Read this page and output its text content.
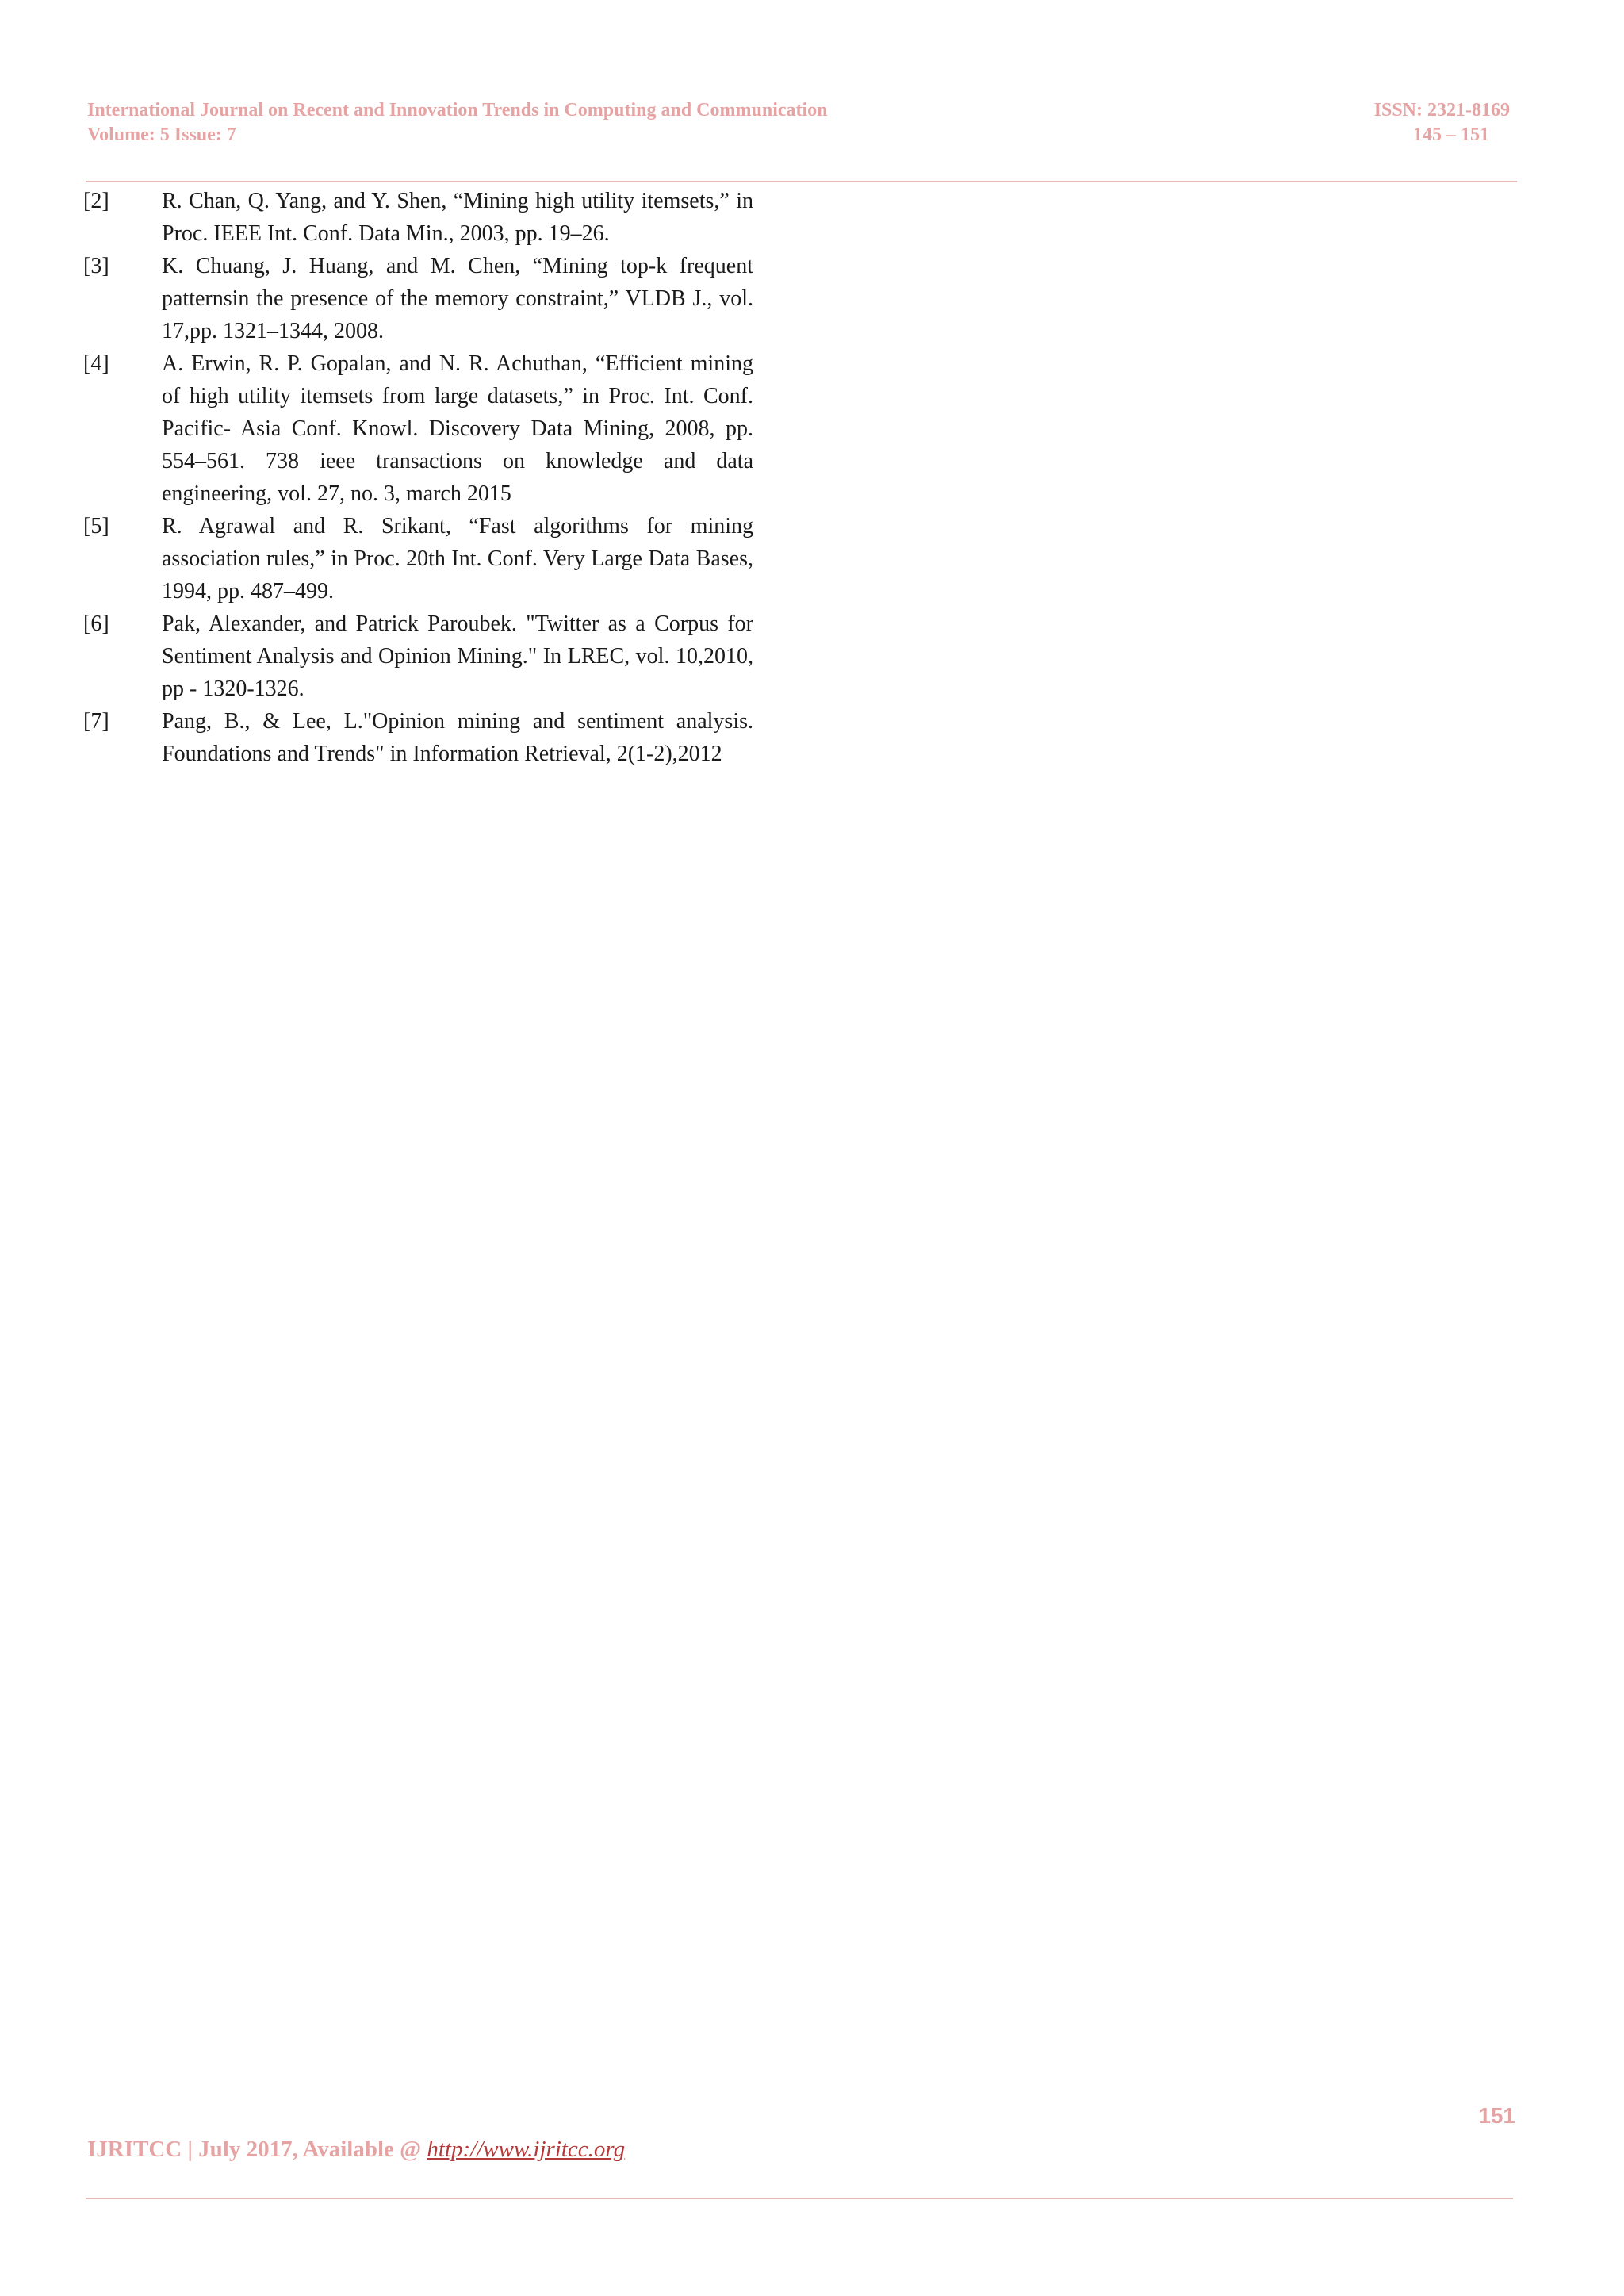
International Journal on Recent and Innovation Trends in Computing and Communication
Volume: 5 Issue: 7
ISSN: 2321-8169
145 – 151
[2]	R. Chan, Q. Yang, and Y. Shen, “Mining high utility itemsets,” in Proc. IEEE Int. Conf. Data Min., 2003, pp. 19–26.
[3]	K. Chuang, J. Huang, and M. Chen, “Mining top-k frequent patternsin the presence of the memory constraint,” VLDB J., vol. 17,pp. 1321–1344, 2008.
[4]	A. Erwin, R. P. Gopalan, and N. R. Achuthan, “Efficient mining of high utility itemsets from large datasets,” in Proc. Int. Conf. Pacific- Asia Conf. Knowl. Discovery Data Mining, 2008, pp. 554–561. 738 ieee transactions on knowledge and data engineering, vol. 27, no. 3, march 2015
[5]	R. Agrawal and R. Srikant, “Fast algorithms for mining association rules,” in Proc. 20th Int. Conf. Very Large Data Bases, 1994, pp. 487–499.
[6]	Pak, Alexander, and Patrick Paroubek. "Twitter as a Corpus for Sentiment Analysis and Opinion Mining." In LREC, vol. 10,2010, pp - 1320-1326.
[7]	Pang, B., & Lee, L."Opinion mining and sentiment analysis. Foundations and Trends" in Information Retrieval, 2(1-2),2012
151
IJRITCC | July 2017, Available @ http://www.ijritcc.org
